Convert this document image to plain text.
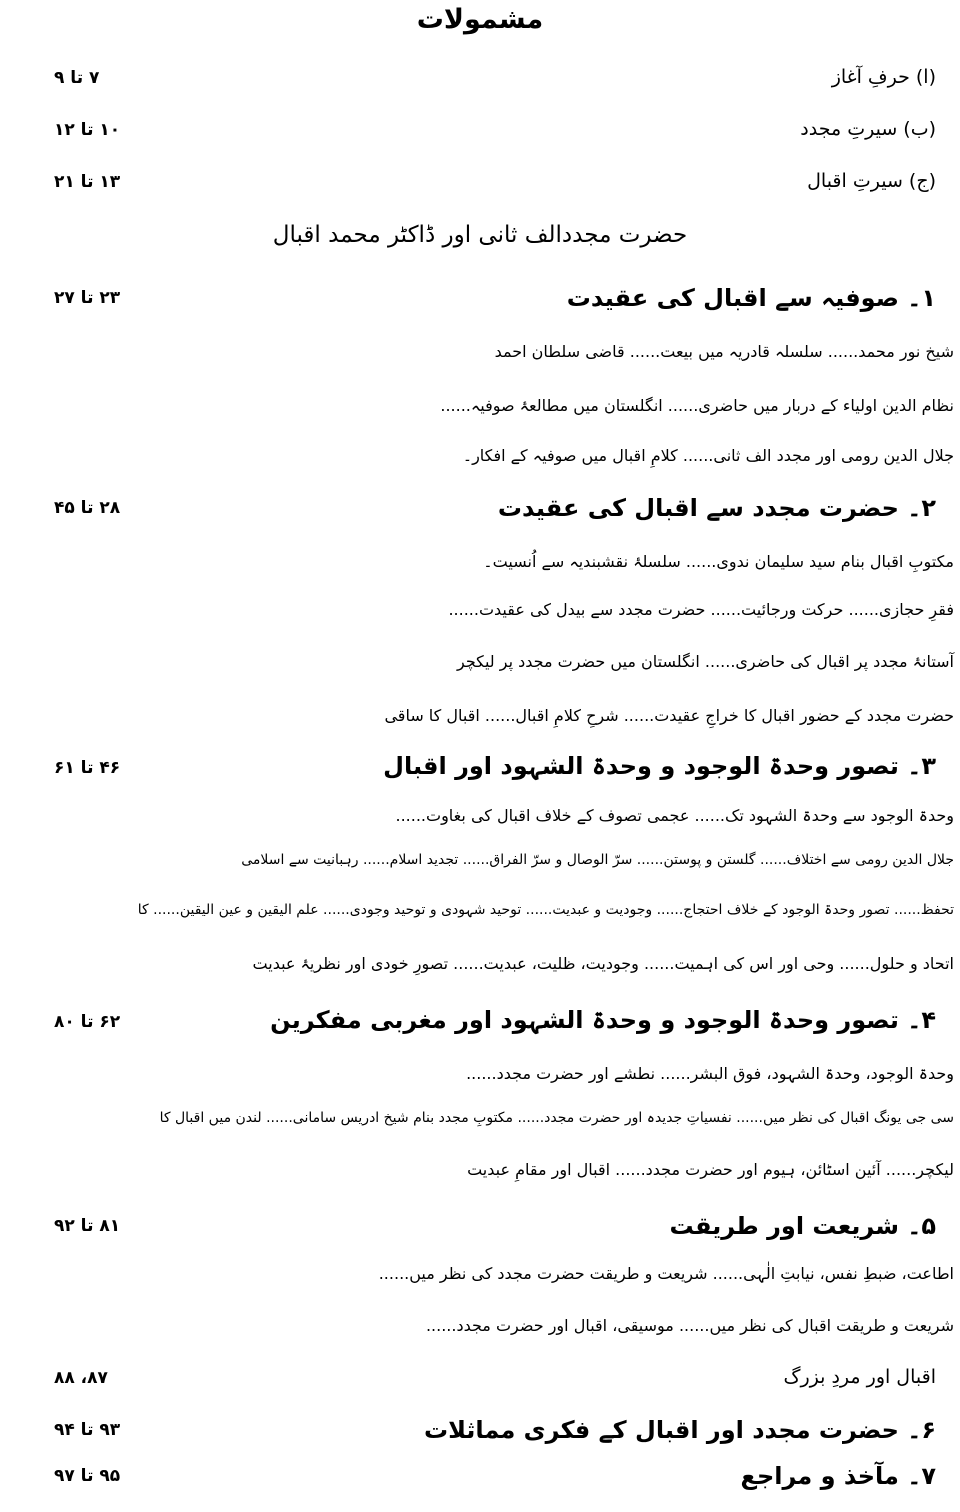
مشمولات
(ا) حرفِ آغاز
۷ تا ۹
(ب) سیرتِ مجدد
۱۰ تا ۱۲
(ج) سیرتِ اقبال
۱۳ تا ۲۱
حضرت مجددالف ثانی اور ڈاکٹر محمد اقبال
۱۔ صوفیہ سے اقبال کی عقیدت
۲۳ تا ۲۷
شیخ نور محمد...... سلسلہ قادریہ میں بیعت...... قاضی سلطان احمد
نظام الدین اولیاء کے دربار میں حاضری...... انگلستان میں مطالعۂ صوفیہ......
جلال الدین رومی اور مجدد الف ثانی...... کلامِ اقبال میں صوفیہ کے افکار۔
۲۔ حضرت مجدد سے اقبال کی عقیدت
۲۸ تا ۴۵
مکتوبِ اقبال بنام سید سلیمان ندوی...... سلسلۂ نقشبندیہ سے اُنسیت۔
فقرِ حجازی...... حرکت ورجائیت...... حضرت مجدد سے بیدل کی عقیدت......
آستانۂ مجدد پر اقبال کی حاضری...... انگلستان میں حضرت مجدد پر لیکچر
حضرت مجدد کے حضور اقبال کا خراجِ عقیدت...... شرحِ کلامِ اقبال...... اقبال کا ساقی
۳۔ تصور وحدۃ الوجود و وحدۃ الشہود اور اقبال
۴۶ تا ۶۱
وحدۃ الوجود سے وحدۃ الشہود تک...... عجمی تصوف کے خلاف اقبال کی بغاوت......
جلال الدین رومی سے اختلاف...... گلستن و پوستن...... سرّ الوصال و سرّ الفراق...... تجدید اسلام...... رہبانیت سے اسلامی
تحفظ...... تصور وحدۃ الوجود کے خلاف احتجاج...... وجودیت و عبدیت...... توحید شہودی و توحید وجودی...... علم الیقین و عین الیقین...... کا
اتحاد و حلول...... وحی اور اس کی اہمیت...... وجودیت، ظلیت، عبدیت...... تصورِ خودی اور نظریۂ عبدیت
۴۔ تصور وحدۃ الوجود و وحدۃ الشہود اور مغربی مفکرین
۶۲ تا ۸۰
وحدۃ الوجود، وحدۃ الشہود، فوق البشر...... نطشے اور حضرت مجدد......
سی جی یونگ اقبال کی نظر میں...... نفسیاتِ جدیدہ اور حضرت مجدد...... مکتوبِ مجدد بنام شیخ ادریس سامانی...... لندن میں اقبال کا
لیکچر...... آئین اسٹائن، ہیوم اور حضرت مجدد...... اقبال اور مقامِ عبدیت
۵۔ شریعت اور طریقت
۸۱ تا ۹۲
اطاعت، ضبطِ نفس، نیابتِ الٰہی...... شریعت و طریقت حضرت مجدد کی نظر میں......
شریعت و طریقت اقبال کی نظر میں...... موسیقی، اقبال اور حضرت مجدد......
اقبال اور مردِ بزرگ
۸۷، ۸۸
۶۔ حضرت مجدد اور اقبال کے فکری مماثلات
۹۳ تا ۹۴
۷۔ مآخذ و مراجع
۹۵ تا ۹۷
